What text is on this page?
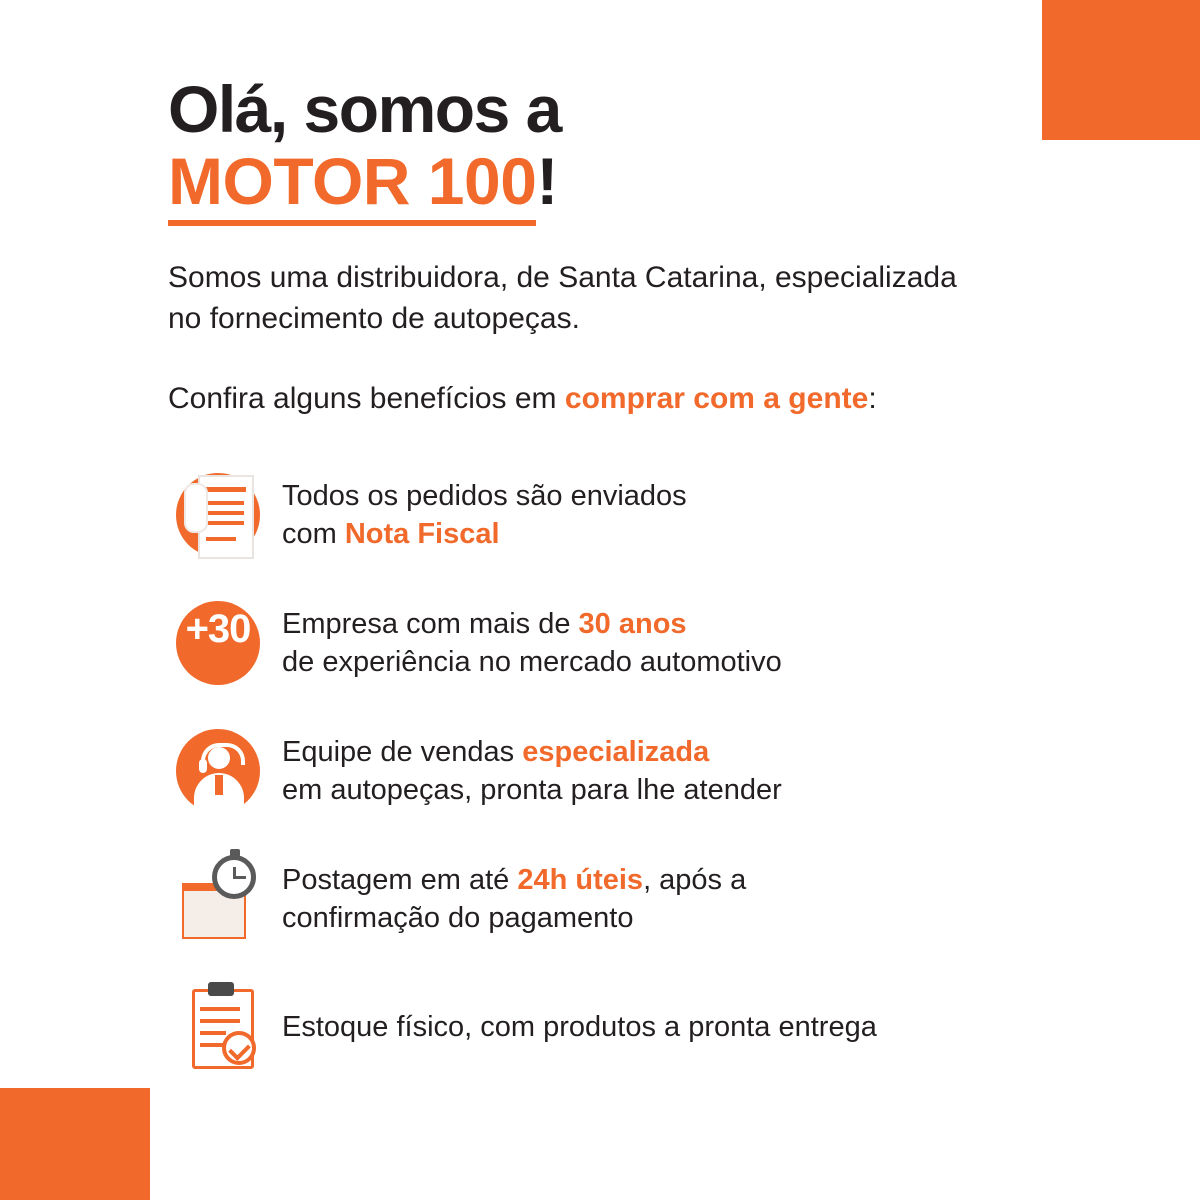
Olá, somos a
MOTOR 100!

Somos uma distribuidora, de Santa Catarina, especializada no fornecimento de autopeças.

Confira alguns benefícios em comprar com a gente:

Todos os pedidos são enviados
com Nota Fiscal
+30	Empresa com mais de 30 anos
de experiência no mercado automotivo
Equipe de vendas especializada
em autopeças, pronta para lhe atender
Postagem em até 24h úteis, após a
confirmação do pagamento
Estoque físico, com produtos a pronta entrega
